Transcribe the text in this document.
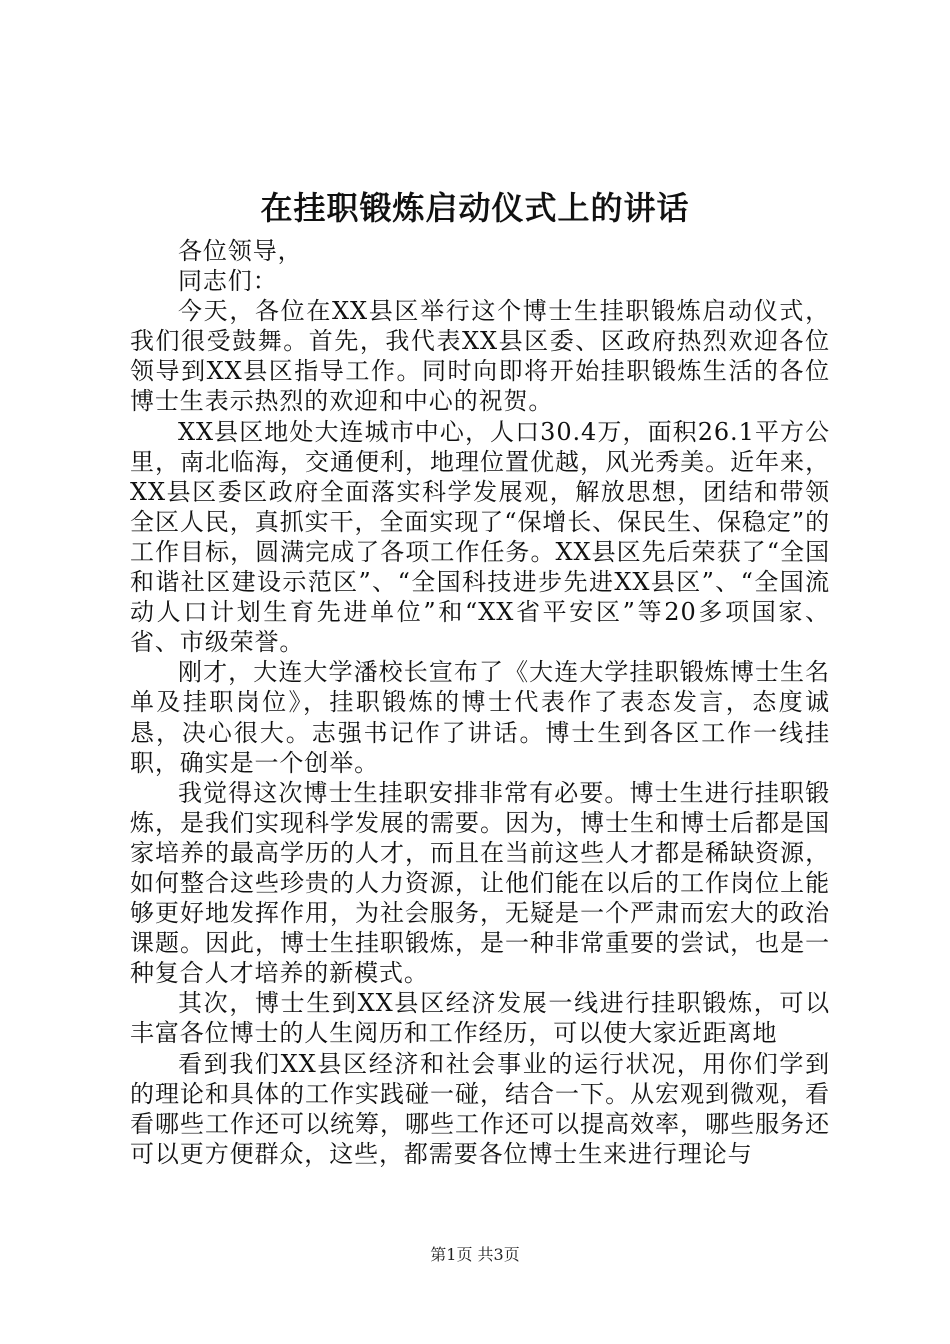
在挂职锻炼启动仪式上的讲话

各位领导，

同志们：

今天，各位在XX县区举行这个博士生挂职锻炼启动仪式，我们很受鼓舞。首先，我代表XX县区委、区政府热烈欢迎各位领导到XX县区指导工作。同时向即将开始挂职锻炼生活的各位博士生表示热烈的欢迎和中心的祝贺。

XX县区地处大连城市中心，人口30.4万，面积26.1平方公里，南北临海，交通便利，地理位置优越，风光秀美。近年来，XX县区委区政府全面落实科学发展观，解放思想，团结和带领全区人民，真抓实干，全面实现了“保增长、保民生、保稳定”的工作目标，圆满完成了各项工作任务。XX县区先后荣获了“全国和谐社区建设示范区”、“全国科技进步先进XX县区”、“全国流动人口计划生育先进单位”和“XX省平安区”等20多项国家、省、市级荣誉。

刚才，大连大学潘校长宣布了《大连大学挂职锻炼博士生名单及挂职岗位》，挂职锻炼的博士代表作了表态发言，态度诚恳，决心很大。志强书记作了讲话。博士生到各区工作一线挂职，确实是一个创举。

我觉得这次博士生挂职安排非常有必要。博士生进行挂职锻炼，是我们实现科学发展的需要。因为，博士生和博士后都是国家培养的最高学历的人才，而且在当前这些人才都是稀缺资源，如何整合这些珍贵的人力资源，让他们能在以后的工作岗位上能够更好地发挥作用，为社会服务，无疑是一个严肃而宏大的政治课题。因此，博士生挂职锻炼，是一种非常重要的尝试，也是一种复合人才培养的新模式。

其次，博士生到XX县区经济发展一线进行挂职锻炼，可以丰富各位博士的人生阅历和工作经历，可以使大家近距离地

看到我们XX县区经济和社会事业的运行状况，用你们学到的理论和具体的工作实践碰一碰，结合一下。从宏观到微观，看看哪些工作还可以统筹，哪些工作还可以提高效率，哪些服务还可以更方便群众，这些，都需要各位博士生来进行理论与

第1页 共3页
